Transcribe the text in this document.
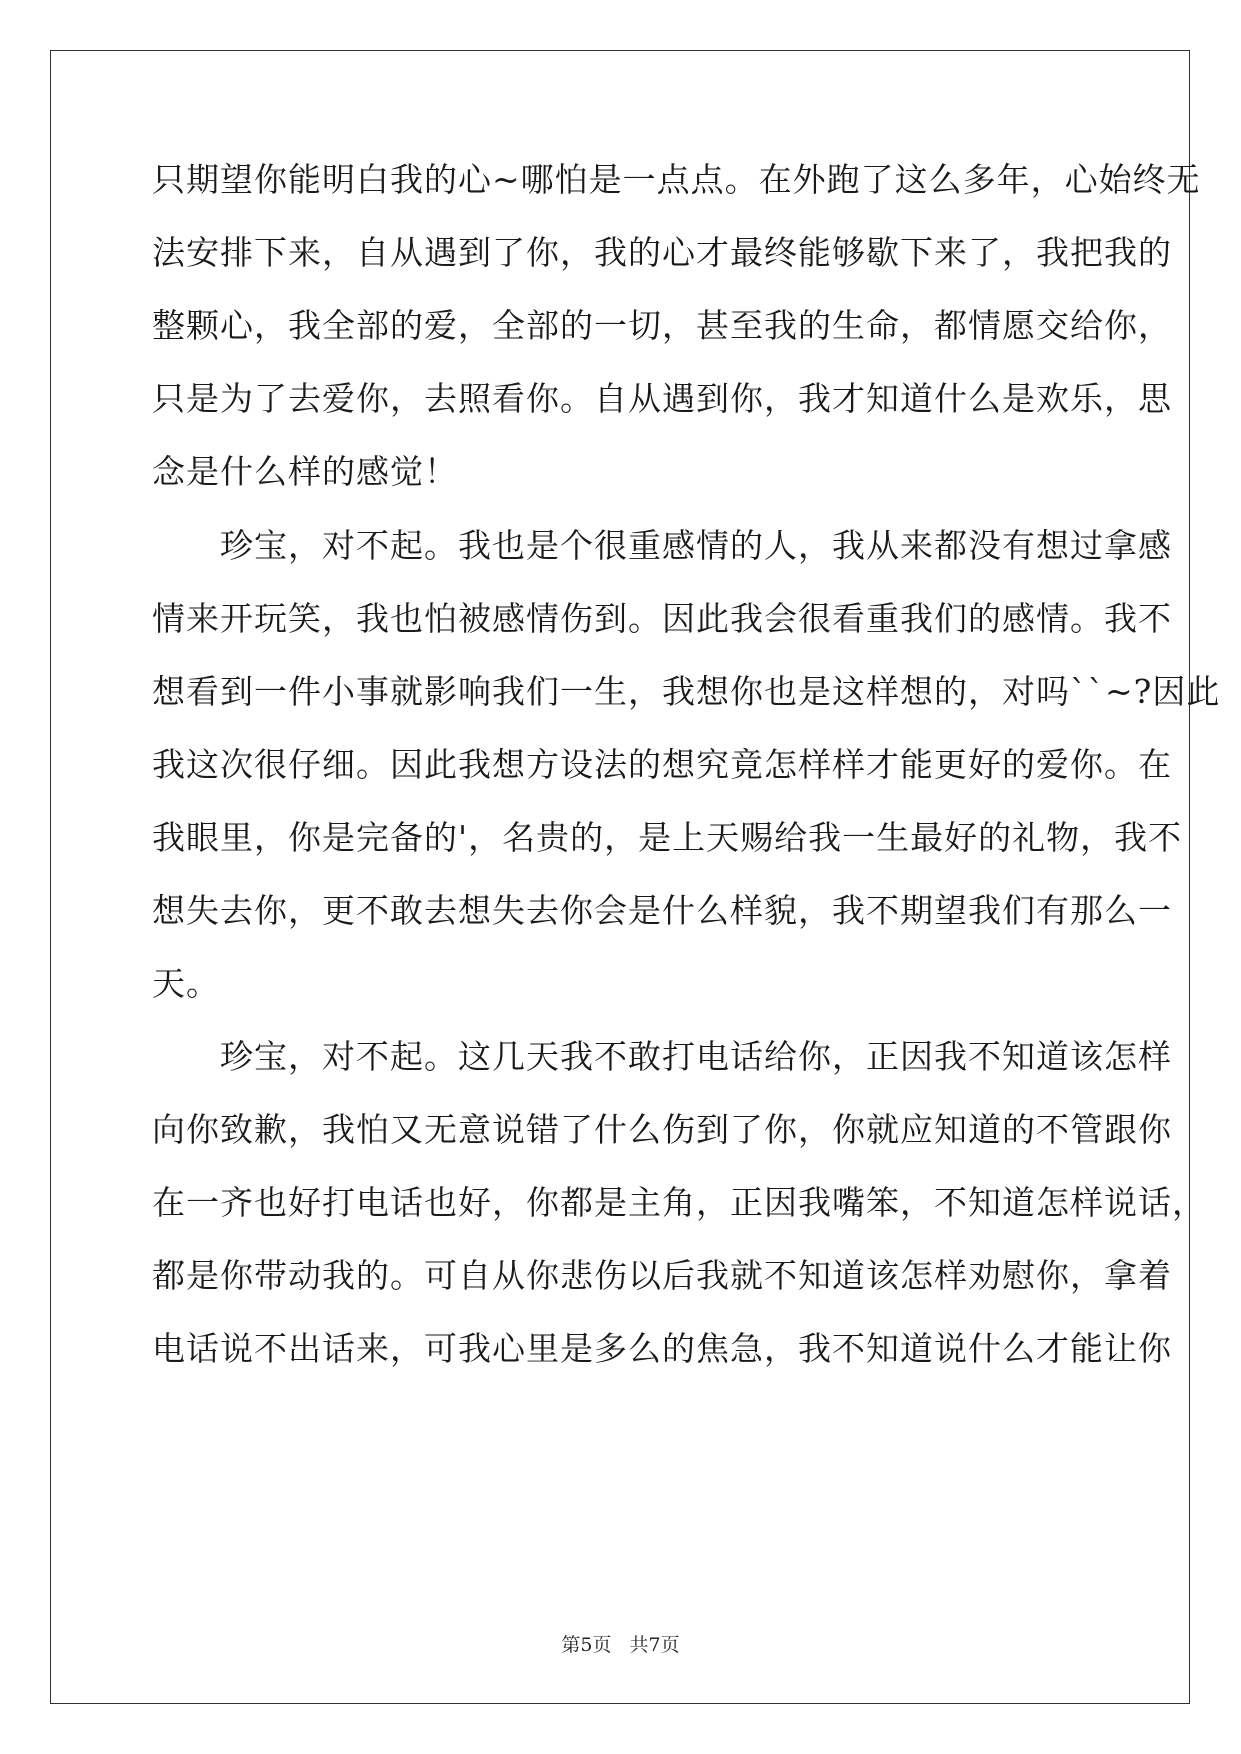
只期望你能明白我的心~哪怕是一点点。在外跑了这么多年，心始终无
法安排下来，自从遇到了你，我的心才最终能够歇下来了，我把我的
整颗心，我全部的爱，全部的一切，甚至我的生命，都情愿交给你，
只是为了去爱你，去照看你。自从遇到你，我才知道什么是欢乐，思
念是什么样的感觉！
　　珍宝，对不起。我也是个很重感情的人，我从来都没有想过拿感
情来开玩笑，我也怕被感情伤到。因此我会很看重我们的感情。我不
想看到一件小事就影响我们一生，我想你也是这样想的，对吗``~?因此
我这次很仔细。因此我想方设法的想究竟怎样样才能更好的爱你。在
我眼里，你是完备的'，名贵的，是上天赐给我一生最好的礼物，我不
想失去你，更不敢去想失去你会是什么样貌，我不期望我们有那么一
天。
　　珍宝，对不起。这几天我不敢打电话给你，正因我不知道该怎样
向你致歉，我怕又无意说错了什么伤到了你，你就应知道的不管跟你
在一齐也好打电话也好，你都是主角，正因我嘴笨，不知道怎样说话，
都是你带动我的。可自从你悲伤以后我就不知道该怎样劝慰你，拿着
电话说不出话来，可我心里是多么的焦急，我不知道说什么才能让你
第5页 共7页
